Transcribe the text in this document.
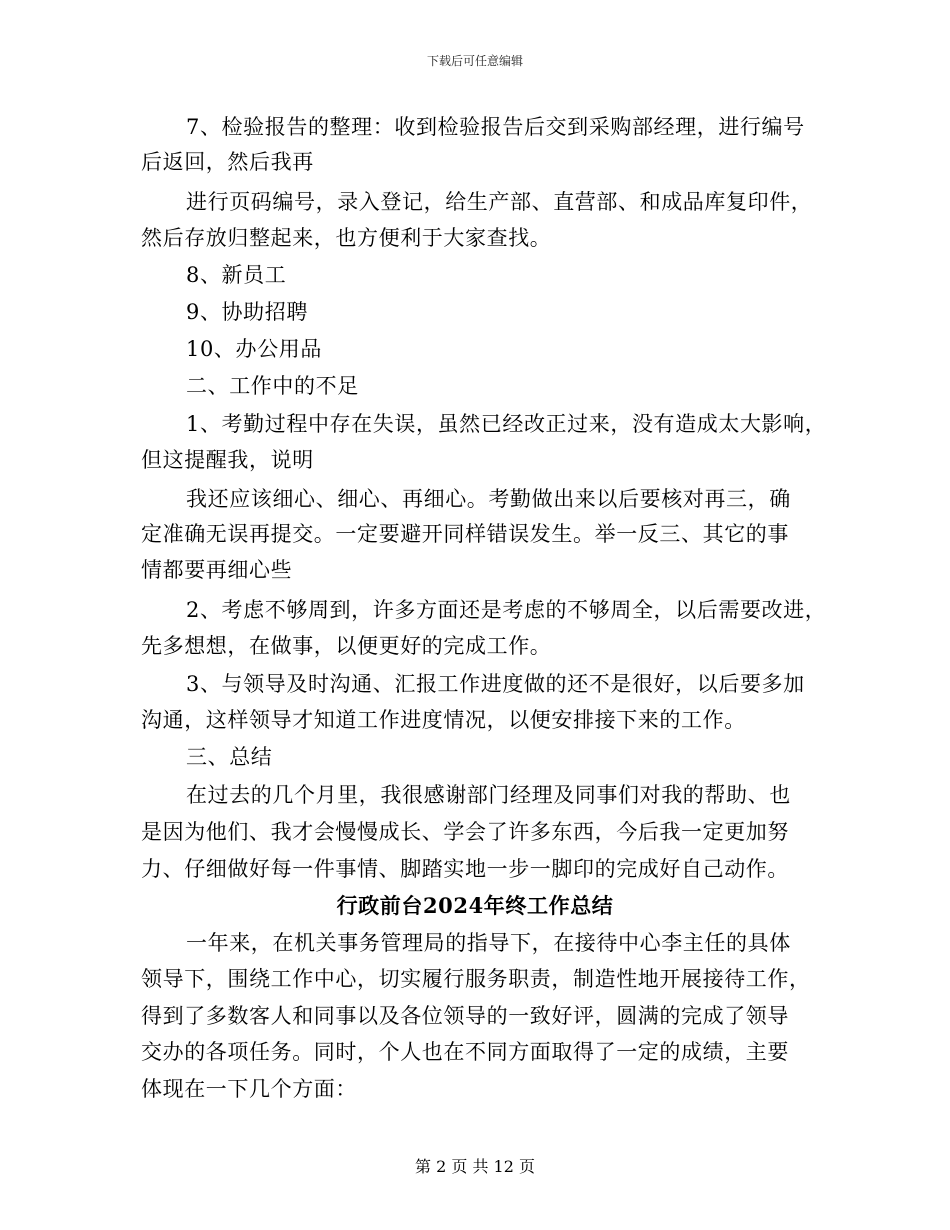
下载后可任意编辑
7、检验报告的整理：收到检验报告后交到采购部经理，进行编号
后返回，然后我再
进行页码编号，录入登记，给生产部、直营部、和成品库复印件，
然后存放归整起来，也方便利于大家查找。
8、新员工
9、协助招聘
10、办公用品
二、工作中的不足
1、考勤过程中存在失误，虽然已经改正过来，没有造成太大影响，
但这提醒我，说明
我还应该细心、细心、再细心。考勤做出来以后要核对再三，确
定准确无误再提交。一定要避开同样错误发生。举一反三、其它的事
情都要再细心些
2、考虑不够周到，许多方面还是考虑的不够周全，以后需要改进，
先多想想，在做事，以便更好的完成工作。
3、与领导及时沟通、汇报工作进度做的还不是很好，以后要多加
沟通，这样领导才知道工作进度情况，以便安排接下来的工作。
三、总结
在过去的几个月里，我很感谢部门经理及同事们对我的帮助、也
是因为他们、我才会慢慢成长、学会了许多东西，今后我一定更加努
力、仔细做好每一件事情、脚踏实地一步一脚印的完成好自己动作。
行政前台2024年终工作总结
一年来，在机关事务管理局的指导下，在接待中心李主任的具体
领导下，围绕工作中心，切实履行服务职责，制造性地开展接待工作，
得到了多数客人和同事以及各位领导的一致好评，圆满的完成了领导
交办的各项任务。同时，个人也在不同方面取得了一定的成绩，主要
体现在一下几个方面：
第 2 页 共 12 页
